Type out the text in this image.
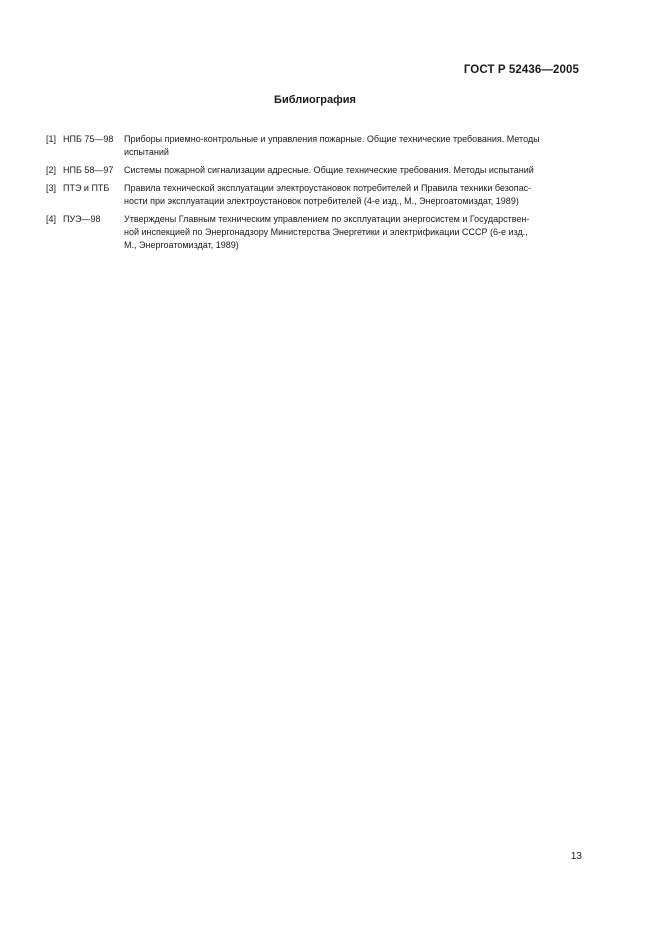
ГОСТ Р 52436—2005
Библиография
[1] НПБ 75—98 Приборы приемно-контрольные и управления пожарные. Общие технические требования. Методы
испытаний
[2] НПБ 58—97 Системы пожарной сигнализации адресные. Общие технические требования. Методы испытаний
[3] ПТЭ и ПТБ Правила технической эксплуатации электроустановок потребителей и Правила техники безопас-
ности при эксплуатации электроустановок потребителей (4-е изд., М., Энергоатомиздат, 1989)
[4] ПУЭ—98	Утверждены Главным техническим управлением по эксплуатации энергосистем и Государствен-
ной инспекцией по Энергонадзору Министерства Энергетики и электрификации СССР (6-е изд.,
М., Энергоатомиздат, 1989)
13
